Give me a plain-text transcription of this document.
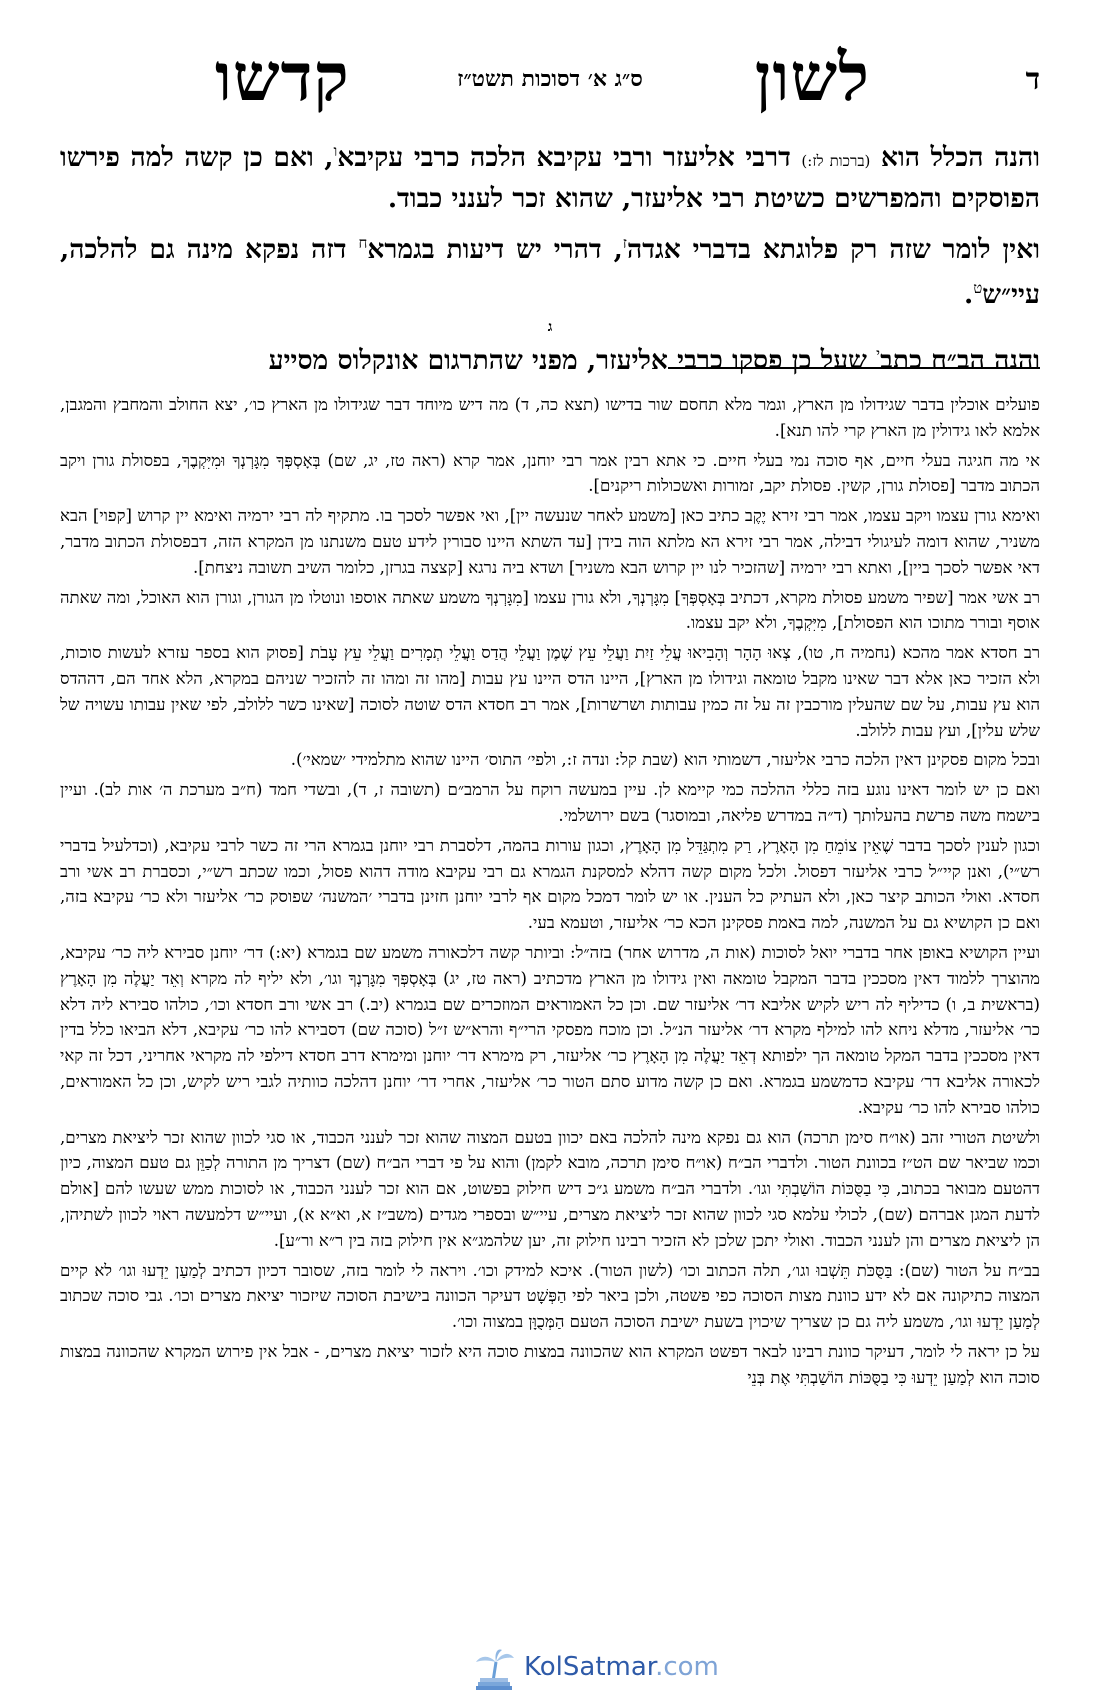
ד
לשון
ס״ג א׳ דסוכות תשט״ז
קדשו

והנה הכלל הוא (ברכות לז:) דרבי אליעזר ורבי עקיבא הלכה כרבי עקיבא$^ו$, ואם כן קשה למה פירשו הפוסקים והמפרשים כשיטת רבי אליעזר, שהוא זכר לענני כבוד.

ואין לומר שזה רק פלוגתא בדברי אגדה$^ז$, דהרי יש דיעות בגמרא$^ח$ דזה נפקא מינה גם להלכה, עיי״ש$^ט$.

ג

והנה הב״ח כתב$^י$ שעל כן פסקו כרבי אליעזר, מפני שהתרגום אונקלוס מסייע

פועלים אוכלין בדבר שגידולו מן הארץ, וגמר מלא תחסם שור בדישו (תצא כה, ד) מה דיש מיוחד דבר שגידולו מן הארץ כו׳, יצא החולב והמחבץ והמגבן, אלמא לאו גידולין מן הארץ קרי להו תנא].

אי מה חגיגה בעלי חיים, אף סוכה נמי בעלי חיים. כי אתא רבין אמר רבי יוחנן, אמר קרא (ראה טז, יג, שם) בְּאָסְפְּךָ מִגָּרְנְךָ וּמִיִּקְבֶךָ, בפסולת גורן ויקב הכתוב מדבר [פסולת גורן, קשין. פסולת יקב, זמורות ואשכולות ריקנים].

ואימא גורן עצמו ויקב עצמו, אמר רבי זירא יֶקֶב כתיב כאן [משמע לאחר שנעשה יין], ואי אפשר לסכך בו. מתקיף לה רבי ירמיה ואימא יין קרוש [קפוי] הבא משניר, שהוא דומה לעיגולי דבילה, אמר רבי זירא הא מלתא הוה בידן [עד השתא היינו סבורין לידע טעם משנתנו מן המקרא הזה, דבפסולת הכתוב מדבר, דאי אפשר לסכך ביין], ואתא רבי ירמיה [שהזכיר לנו יין קרוש הבא משניר] ושדא ביה נרגא [קצצה בגרזן, כלומר השיב תשובה ניצחת].

רב אשי אמר [שפיר משמע פסולת מקרא, דכתיב בְּאָסְפְּךָ] מִגָּרְנְךָ, ולא גורן עצמו [מִגָּרְנְךָ משמע שאתה אוספו ונוטלו מן הגורן, וגורן הוא האוכל, ומה שאתה אוסף ובורר מתוכו הוא הפסולת], מִיִּקְבֶךָ, ולא יקב עצמו.

רב חסדא אמר מהכא (נחמיה ח, טו), צְאוּ הָהָר וְהָבִיאוּ עֲלֵי זַיִת וַעֲלֵי עֵץ שֶׁמֶן וַעֲלֵי הֲדַס וַעֲלֵי תְמָרִים וַעֲלֵי עֵץ עָבֹת [פסוק הוא בספר עזרא לעשות סוכות, ולא הזכיר כאן אלא דבר שאינו מקבל טומאה וגידולו מן הארץ], היינו הדס היינו עץ עבות [מהו זה ומהו זה להזכיר שניהם במקרא, הלא אחד הם, דההדס הוא עץ עבות, על שם שהעלין מורכבין זה על זה כמין עבותות ושרשרות], אמר רב חסדא הדס שוטה לסוכה [שאינו כשר ללולב, לפי שאין עבותו עשויה של שלש עלין], ועץ עבות ללולב.

ובכל מקום פסקינן דאין הלכה כרבי אליעזר, דשמותי הוא (שבת קל: ונדה ז:, ולפי׳ התוס׳ היינו שהוא מתלמידי ׳שמאי׳).

ואם כן יש לומר דאינו נוגע בזה כללי ההלכה כמי קיימא לן. עיין במעשה רוקח על הרמב״ם (תשובה ז, ד), ובשדי חמד (ח״ב מערכת ה׳ אות לב). ועיין בישמח משה פרשת בהעלותך (ד״ה במדרש פליאה, ובמוסגר) בשם ירושלמי.

וכגון לענין לסכך בדבר שֶׁאֵין צוֹמֵחַ מִן הָאָרֶץ, רַק מִתְגַּדֵּל מִן הָאָרֶץ, וכגון עורות בהמה, דלסברת רבי יוחנן בגמרא הרי זה כשר לרבי עקיבא, (וכדלעיל בדברי רש״י), ואנן קיי״ל כרבי אליעזר דפסול. ולכל מקום קשה דהלא למסקנת הגמרא גם רבי עקיבא מודה דהוא פסול, וכמו שכתב רש״י, וכסברת רב אשי ורב חסדא. ואולי הכותב קיצר כאן, ולא העתיק כל הענין. או יש לומר דמכל מקום אף לרבי יוחנן חזינן בדברי ׳המשנה׳ שפוסק כר׳ אליעזר ולא כר׳ עקיבא בזה, ואם כן הקושיא גם על המשנה, למה באמת פסקינן הכא כר׳ אליעזר, וטעמא בעי.

ועיין הקושיא באופן אחר בדברי יואל לסוכות (אות ה, מדרוש אחר) בזה״ל: וביותר קשה דלכאורה משמע שם בגמרא (יא:) דר׳ יוחנן סבירא ליה כר׳ עקיבא, מהוצרך ללמוד דאין מסככין בדבר המקבל טומאה ואין גידולו מן הארץ מדכתיב (ראה טז, יג) בְּאָסְפְּךָ מִגָּרְנְךָ וגו׳, ולא יליף לה מקרא וְאֵד יַעֲלֶה מִן הָאָרֶץ (בראשית ב, ו) כדיליף לה ריש לקיש אליבא דר׳ אליעזר שם. וכן כל האמוראים המוזכרים שם בגמרא (יב.) רב אשי ורב חסדא וכו׳, כולהו סבירא ליה דלא כר׳ אליעזר, מדלא ניחא להו למילף מקרא דר׳ אליעזר הנ״ל. וכן מוכח מפסקי הרי״ף והרא״ש ז״ל (סוכה שם) דסבירא להו כר׳ עקיבא, דלא הביאו כלל בדין דאין מסככין בדבר המקל טומאה הך ילפותא דְאֵד יַעֲלֶה מִן הָאָרֶץ כר׳ אליעזר, רק מימרא דר׳ יוחנן ומימרא דרב חסדא דילפי לה מקראי אחריני, דכל זה קאי לכאורה אליבא דר׳ עקיבא כדמשמע בגמרא. ואם כן קשה מדוע סתם הטור כר׳ אליעזר, אחרי דר׳ יוחנן דהלכה כוותיה לגבי ריש לקיש, וכן כל האמוראים, כולהו סבירא להו כר׳ עקיבא.

ולשיטת הטורי זהב (או״ח סימן תרכה) הוא גם נפקא מינה להלכה באם יכוון בטעם המצוה שהוא זכר לענני הכבוד, או סגי לכוון שהוא זכר ליציאת מצרים, וכמו שביאר שם הט״ז בכוונת הטור. ולדברי הב״ח (או״ח סימן תרכה, מובא לקמן) והוא על פי דברי הב״ח (שם) דצריך מן התורה לְכַוֵּן גם טעם המצוה, כיון דהטעם מבואר בכתוב, כִּי בַסֻּכּוֹת הוֹשַׁבְתִּי וגו׳. ולדברי הב״ח משמע ג״כ דיש חילוק בפשוט, אם הוא זכר לענני הכבוד, או לסוכות ממש שעשו להם [אולם לדעת המגן אברהם (שם), לכולי עלמא סגי לכוון שהוא זכר ליציאת מצרים, עיי״ש ובספרי מגדים (משב״ז א, וא״א א), ועיי״ש דלמעשה ראוי לכוון לשתיהן, הן ליציאת מצרים והן לענני הכבוד. ואולי יתכן שלכן לא הזכיר רבינו חילוק זה, יען שלהמג״א אין חילוק בזה בין ר״א ור״ע].

בב״ח על הטור (שם): בַּסֻּכֹּת תֵּשְׁבוּ וגו׳, תלה הכתוב וכו׳ (לשון הטור). איכא למידק וכו׳. ויראה לי לומר בזה, שסובר דכיון דכתיב לְמַעַן יֵדְעוּ וגו׳ לא קיים המצוה כתיקונה אם לא ידע כוונת מצות הסוכה כפי פשטה, ולכן ביאר לפי הַפְּשָׁט דעיקר הכוונה בישיבת הסוכה שיזכור יציאת מצרים וכו׳. גבי סוכה שכתוב לְמַעַן יֵדְעוּ וגו׳, משמע ליה גם כן שצריך שיכוין בשעת ישיבת הסוכה הטעם הַמְּכֻוָּן במצוה וכו׳.

על כן יראה לי לומר, דעיקר כוונת רבינו לבאר דפשט המקרא הוא שהכוונה במצות סוכה היא לזכור יציאת מצרים, - אבל אין פירוש המקרא שהכוונה במצות סוכה הוא לְמַעַן יֵדְעוּ כִּי בַסֻּכּוֹת הוֹשַׁבְתִּי אֶת בְּנֵי

KolSatmar.com
